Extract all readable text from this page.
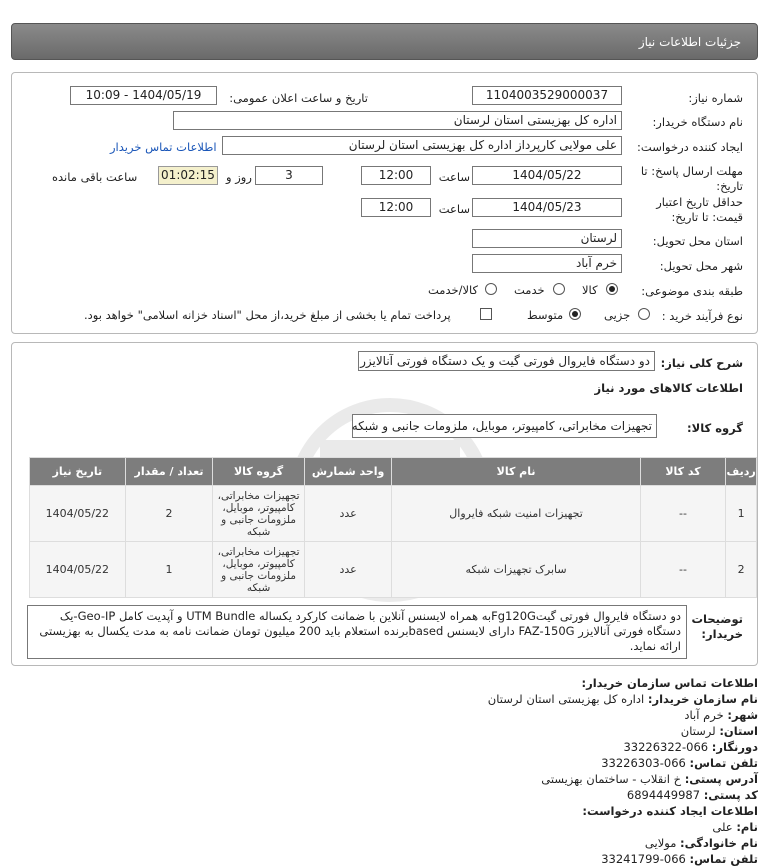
جزئیات اطلاعات نیاز
شماره نیاز:
1104003529000037
تاریخ و ساعت اعلان عمومی:
1404/05/19 - 10:09
نام دستگاه خریدار:
اداره کل بهزیستی استان لرستان
ایجاد کننده درخواست:
علی مولایی کارپرداز اداره کل بهزیستی استان لرستان
اطلاعات تماس خریدار
مهلت ارسال پاسخ: تا تاریخ:
1404/05/22
ساعت
12:00
3
روز و
01:02:15
ساعت باقی مانده
حداقل تاریخ اعتبار قیمت: تا تاریخ:
1404/05/23
ساعت
12:00
استان محل تحویل:
لرستان
شهر محل تحویل:
خرم آباد
طبقه بندی موضوعی:
کالا
خدمت
کالا/خدمت
نوع فرآیند خرید :
جزیی
متوسط
پرداخت تمام یا بخشی از مبلغ خرید،از محل "اسناد خزانه اسلامی" خواهد بود.
شرح کلی نیاز:
دو دستگاه فایروال فورتی گیت و یک دستگاه فورتی آنالایزر
اطلاعات کالاهای مورد نیاز
گروه کالا:
تجهیزات مخابراتی، کامپیوتر، موبایل، ملزومات جانبی و شبکه
ردیف	کد کالا	نام کالا	واحد شمارش	گروه کالا	تعداد / مقدار	تاریخ نیاز
1	--	تجهیزات امنیت شبکه فایروال	عدد	تجهیزات مخابراتی، کامپیوتر، موبایل، ملزومات جانبی و شبکه	2	1404/05/22
2	--	سابرک تجهیزات شبکه	عدد	تجهیزات مخابراتی، کامپیوتر، موبایل، ملزومات جانبی و شبکه	1	1404/05/22
توضیحات خریدار:
دو دستگاه فایروال فورتی گیتFg120Gبه همراه لایسنس آنلاین با ضمانت کارکرد یکساله UTM Bundle و آپدیت کامل Geo-IP-یک دستگاه فورتی آنالایزر FAZ-150G دارای لایسنس basedبرنده استعلام باید 200 میلیون تومان ضمانت نامه به مدت یکسال به بهزیستی ارائه نماید.
اطلاعات تماس سازمان خریدار:
نام سازمان خریدار: اداره کل بهزیستی استان لرستان
شهر: خرم آباد
استان: لرستان
دورنگار: 066-33226322
تلفن تماس: 066-33226303
آدرس پستی: خ انقلاب - ساختمان بهزیستی
کد پستی: 6894449987
اطلاعات ایجاد کننده درخواست:
نام: علی
نام خانوادگی: مولایی
تلفن تماس: 066-33241799
